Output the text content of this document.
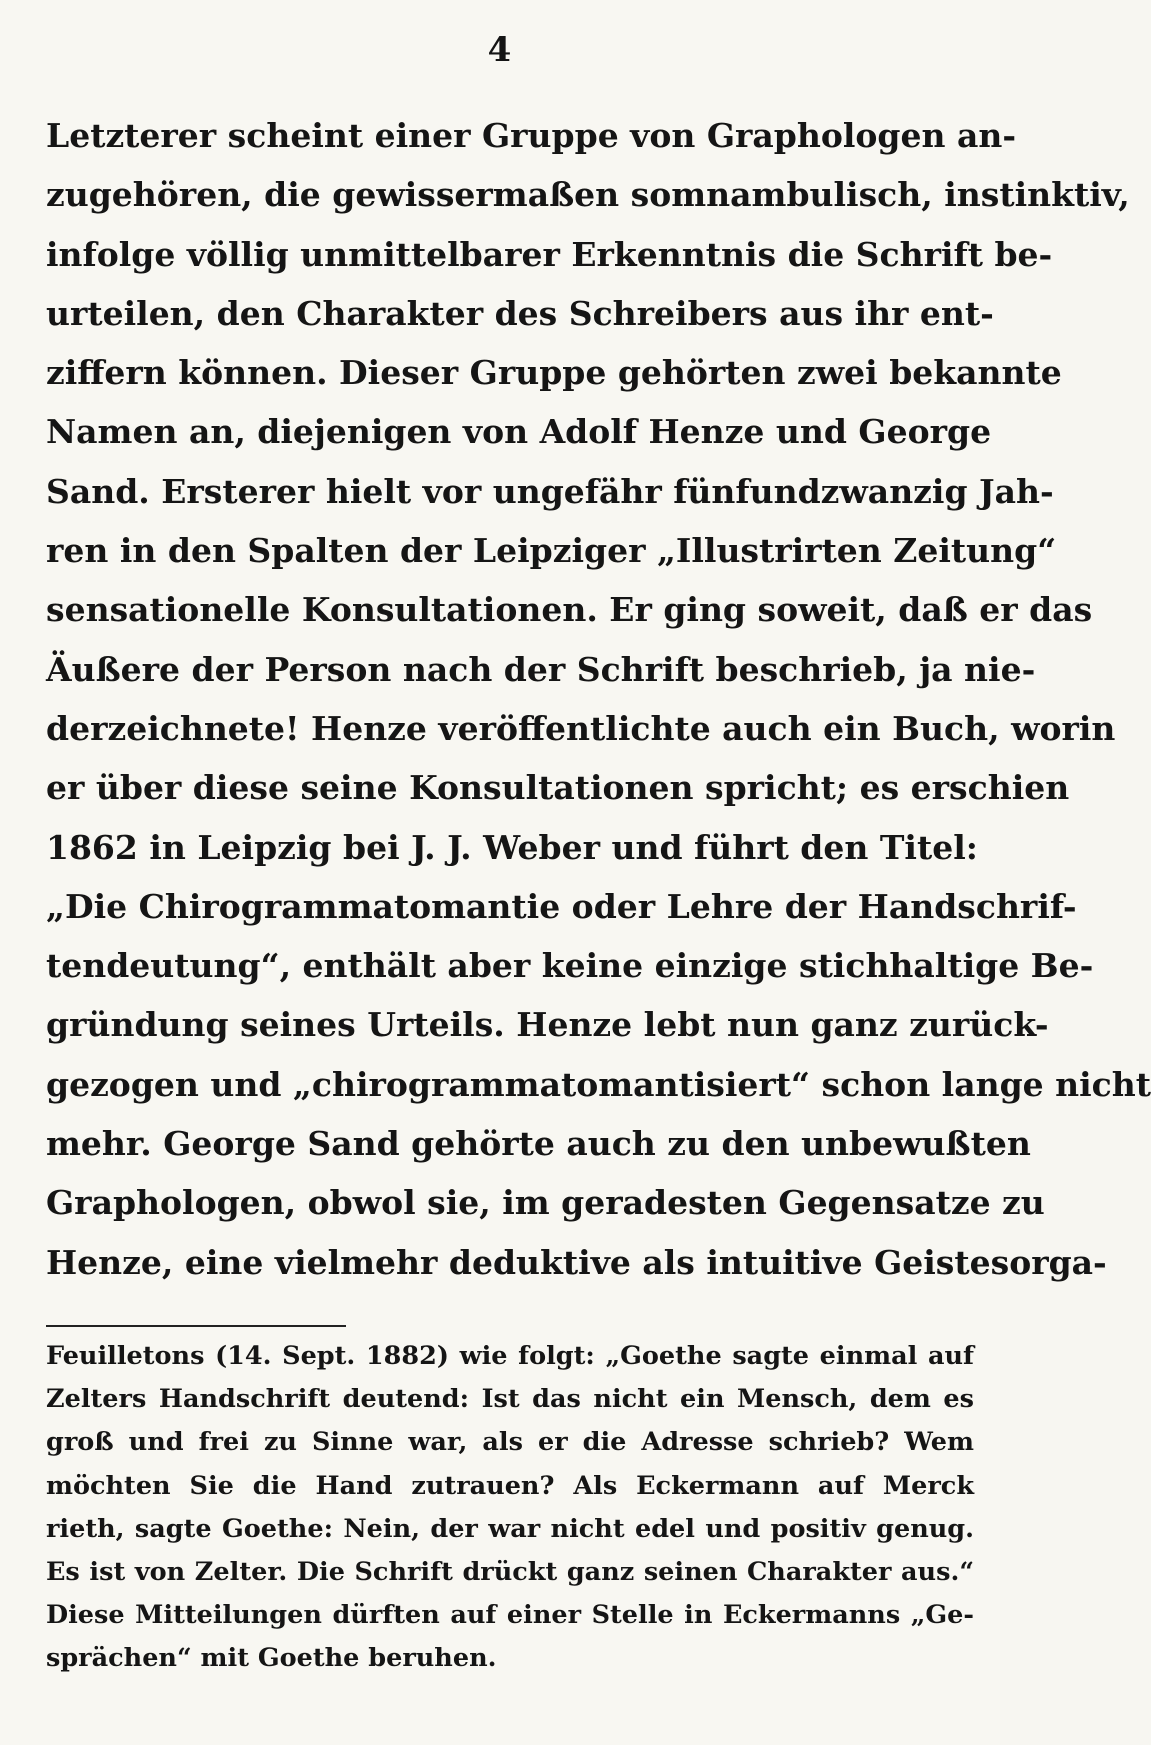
4
Letzterer scheint einer Gruppe von Graphologen an-
zugehören, die gewissermaßen somnambulisch, instinktiv,
infolge völlig unmittelbarer Erkenntnis die Schrift be-
urteilen, den Charakter des Schreibers aus ihr ent-
ziffern können. Dieser Gruppe gehörten zwei bekannte
Namen an, diejenigen von Adolf Henze und George
Sand. Ersterer hielt vor ungefähr fünfundzwanzig Jah-
ren in den Spalten der Leipziger „Illustrirten Zeitung“
sensationelle Konsultationen. Er ging soweit, daß er das
Äußere der Person nach der Schrift beschrieb, ja nie-
derzeichnete! Henze veröffentlichte auch ein Buch, worin
er über diese seine Konsultationen spricht; es erschien
1862 in Leipzig bei J. J. Weber und führt den Titel:
„Die Chirogrammatomantie oder Lehre der Handschrif-
tendeutung“, enthält aber keine einzige stichhaltige Be-
gründung seines Urteils. Henze lebt nun ganz zurück-
gezogen und „chirogrammatomantisiert“ schon lange nicht
mehr. George Sand gehörte auch zu den unbewußten
Graphologen, obwol sie, im geradesten Gegensatze zu
Henze, eine vielmehr deduktive als intuitive Geistesorga-
Feuilletons (14. Sept. 1882) wie folgt: „Goethe sagte einmal auf
Zelters Handschrift deutend: Ist das nicht ein Mensch, dem es
groß und frei zu Sinne war, als er die Adresse schrieb? Wem
möchten Sie die Hand zutrauen? Als Eckermann auf Merck
rieth, sagte Goethe: Nein, der war nicht edel und positiv genug.
Es ist von Zelter. Die Schrift drückt ganz seinen Charakter aus.“
Diese Mitteilungen dürften auf einer Stelle in Eckermanns „Ge-
sprächen“ mit Goethe beruhen.
